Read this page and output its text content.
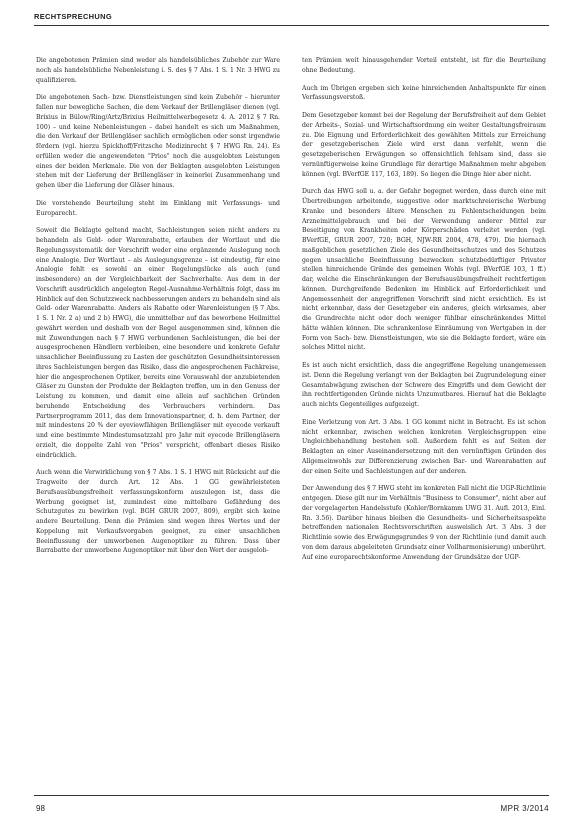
RECHTSPRECHUNG

Die angebotenen Prämien sind weder als handelsübliches Zubehör zur Ware noch als handelsübliche Nebenleistung i. S. des § 7 Abs. 1 S. 1 Nr. 3 HWG zu qualifizieren.

Die angebotenen Sach- bzw. Dienstleistungen sind kein Zubehör – hierunter fallen nur bewegliche Sachen, die dem Verkauf der Brillengläser dienen (vgl. Brixius in Bülow/Ring/Artz/Brixius Heilmittelwerbegesetz 4. A. 2012 § 7 Rn. 100) – und keine Nebenleistungen – dabei handelt es sich um Maßnahmen, die den Verkauf der Brillengläser sachlich ermöglichen oder sonst irgendwie fördern (vgl. hierzu Spickhoff/Fritzsche Medizinrecht § 7 HWG Rn. 24). Es erfüllen weder die angewendeten "Prios" noch die ausgelobten Leistungen eines der beiden Merkmale. Die von der Beklagten ausgelobten Leistungen stehen mit der Lieferung der Brillengläser in keinerlei Zusammenhang und gehen über die Lieferung der Gläser hinaus.

Die vorstehende Beurteilung steht im Einklang mit Verfassungs- und Europarecht.

Soweit die Beklagte geltend macht, Sachleistungen seien nicht anders zu behandeln als Geld- oder Warenrabatte, erlauben der Wortlaut und die Regelungssystematik der Vorschrift weder eine ergänzende Auslegung noch eine Analogie. Der Wortlaut – als Auslegungsgrenze – ist eindeutig, für eine Analogie fehlt es sowohl an einer Regelungslücke als auch (und insbesondere) an der Vergleichbarkeit der Sachverhalte. Aus dem in der Vorschrift ausdrücklich angelegten Regel-Ausnahme-Verhältnis folgt, dass im Hinblick auf den Schutzzweck nachbesserungen anders zu behandeln sind als Geld- oder Warenrabatte. Anders als Rabatte oder Warenleistungen (§ 7 Abs. 1 S. 1 Nr. 2 a) und 2 b) HWG), die unmittelbar auf das beworbene Heilmittel gewährt werden und deshalb von der Regel ausgenommen sind, können die mit Zuwendungen nach § 7 HWG verbundenen Sachleistungen, die bei der ausgesprochenen Händlern verbleiben, eine besondere und konkrete Gefahr unsachlicher Beeinflussung zu Lasten der geschützten Gesundheitsinteressen ihres Sachleistungen bergen das Risiko, dass die angesprochenen Fachkreise, hier die angesprochenen Optiker, bereits eine Vorauswahl der anzubietenden Gläser zu Gunsten der Produkte der Beklagten treffen, um in den Genuss der Leistung zu kommen, und damit eine allein auf sachlichen Gründen beruhende Entscheidung des Verbrauchers verhindern. Das Partnerprogramm 2011, das dem Innovationspartner, d. h. dem Partner, der mit mindestens 20 % der eyeviewfähigen Brillengläser mit eyecode verkauft und eine bestimmte Mindestumsatzzahl pro Jahr mit eyecode Brillengläsern erzielt, die doppelte Zahl von "Prios" verspricht, offenbart dieses Risiko eindrücklich.

Auch wenn die Verwirklichung von § 7 Abs. 1 S. 1 HWG mit Rücksicht auf die Tragweite der durch Art. 12 Abs. 1 GG gewährleisteten Berufsausübungsfreiheit verfassungskonform auszulegen ist, dass die Werbung geeignet ist, zumindest eine mittelbare Gefährdung des Schutzgutes zu bewirken (vgl. BGH GRUR 2007, 809), ergibt sich keine andere Beurteilung. Denn die Prämien sind wegen ihres Wertes und der Koppelung mit Verkaufsvorgaben geeignet, zu einer unsachlichen Beeinflussung der umworbenen Augenoptiker zu führen. Dass über Barrabatte der umworbene Augenoptiker mit über den Wert der ausgelob-

ten Prämien weit hinausgehender Vorteil entsteht, ist für die Beurteilung ohne Bedeutung.

Auch im Übrigen ergeben sich keine hinreichenden Anhaltspunkte für einen Verfassungsverstoß.

Dem Gesetzgeber kommt bei der Regelung der Berufsfreiheit auf dem Gebiet der Arbeits-, Sozial- und Wirtschaftsordnung ein weiter Gestaltungsfreiraum zu. Die Eignung und Erforderlichkeit des gewählten Mittels zur Erreichung der gesetzgeberischen Ziele wird erst dann verfehlt, wenn die gesetzgeberischen Erwägungen so offensichtlich fehlsam sind, dass sie vernünftigerweise keine Grundlage für derartige Maßnahmen mehr abgeben können (vgl. BVerfGE 117, 163, 189). So liegen die Dinge hier aber nicht.

Durch das HWG soll u. a. der Gefahr begegnet werden, dass durch eine mit Übertreibungen arbeitende, suggestive oder marktschreierische Werbung Kranke und besonders ältere Menschen zu Fehlentscheidungen beim Arzneimittelgebrauch und bei der Verwendung anderer Mittel zur Beseitigung von Krankheiten oder Körperschäden verleitet werden (vgl. BVerfGE, GRUR 2007, 720; BGH, NJW-RR 2004, 478, 479). Die hiernach maßgeblichen gesetzlichen Ziele des Gesundheitsschutzes und des Schutzes gegen unsachliche Beeinflussung bezwecken schutzbedürftiger Privater stellen hinreichende Gründe des gemeinen Wohls (vgl. BVerfGE 103, 1 ff.) dar, welche die Einschränkungen der Berufsausübungsfreiheit rechtfertigen können. Durchgreifende Bedenken im Hinblick auf Erforderlichkeit und Angemessenheit der angegriffenen Vorschrift sind nicht ersichtlich. Es ist nicht erkennbar, dass der Gesetzgeber ein anderes, gleich wirksames, aber die Grundrechte nicht oder doch weniger fühlbar einschränkendes Mittel hätte wählen können. Die schrankenlose Einräumung von Wertgaben in der Form von Sach- bzw. Dienstleistungen, wie sie die Beklagte fordert, wäre ein solches Mittel nicht.

Es ist auch nicht ersichtlich, dass die angegriffene Regelung unangemessen ist. Denn die Regelung verlangt von der Beklagten bei Zugrundelegung einer Gesamtabwägung zwischen der Schwere des Eingriffs und dem Gewicht der ihn rechtfertigenden Gründe nichts Unzumutbares. Hierauf hat die Beklagte auch nichts Gegenteiliges aufgezeigt.

Eine Verletzung von Art. 3 Abs. 1 GG kommt nicht in Betracht. Es ist schon nicht erkennbar, zwischen welchen konkreten Vergleichsgruppen eine Ungleichbehandlung bestehen soll. Außerdem fehlt es auf Seiten der Beklagten an einer Auseinandersetzung mit den vernünftigen Gründen des Allgemeinwohls zur Differenzierung zwischen Bar- und Warenrabatten auf der einen Seite und Sachleistungen auf der anderen.

Der Anwendung des § 7 HWG steht im konkreten Fall nicht die UGP-Richtlinie entgegen. Diese gilt nur im Verhältnis "Business to Consumer", nicht aber auf der vorgelagerten Handelsstufe (Kohler/Bornkamm UWG 31. Aufl. 2013, Einl. Rn. 3.56). Darüber hinaus bleiben die Gesundheits- und Sicherheitsaspekte betreffenden nationalen Rechtsvorschriften ausweislich Art. 3 Abs. 3 der Richtlinie sowie des Erwägungsgrundes 9 von der Richtlinie (und damit auch von dem daraus abgeleiteten Grundsatz einer Vollharmonisierung) unberührt. Auf eine europarechtskonforme Anwendung der Grundsätze der UGP-

98	MPR 3/2014
